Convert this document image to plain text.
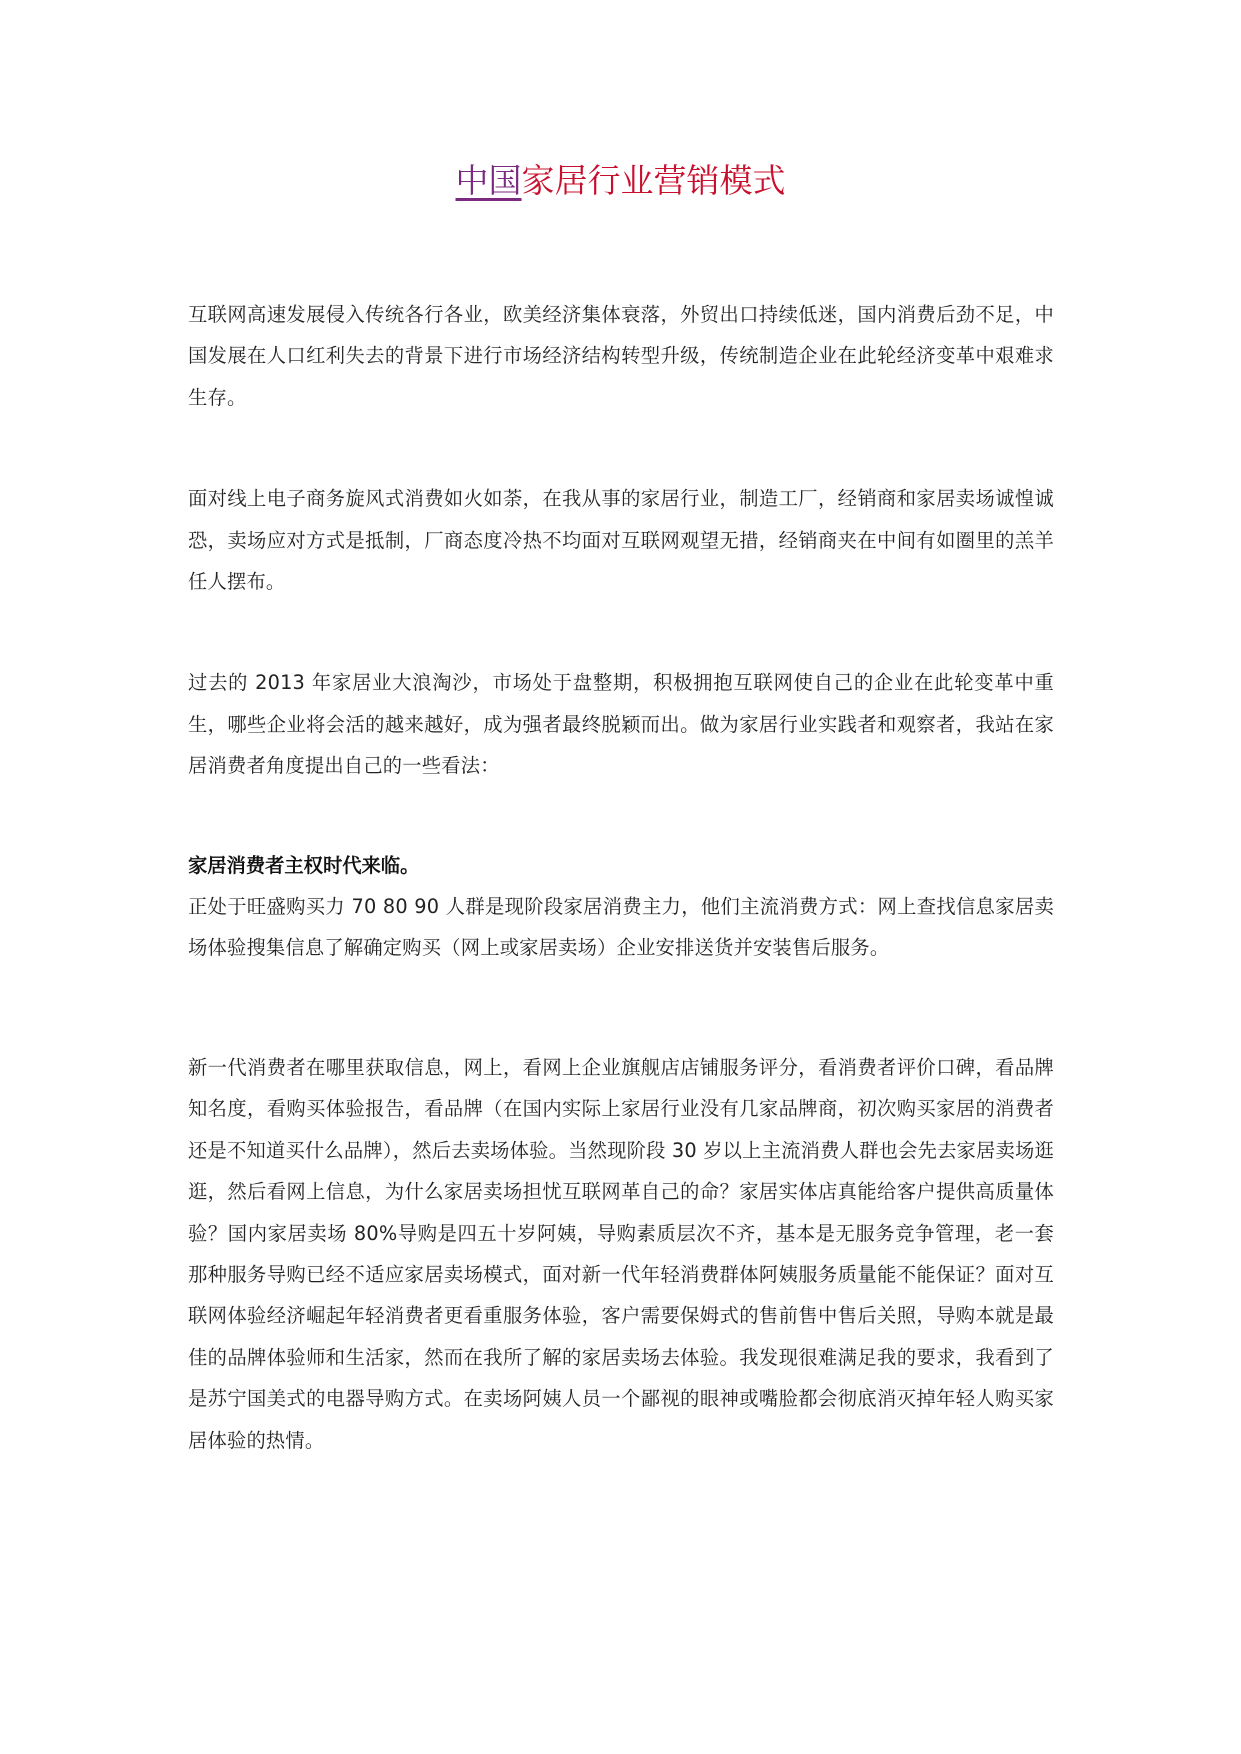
中国家居行业营销模式

互联网高速发展侵入传统各行各业，欧美经济集体衰落，外贸出口持续低迷，国内消费后劲不足，中国发展在人口红利失去的背景下进行市场经济结构转型升级，传统制造企业在此轮经济变革中艰难求生存。

面对线上电子商务旋风式消费如火如荼，在我从事的家居行业，制造工厂，经销商和家居卖场诚惶诚恐，卖场应对方式是抵制，厂商态度冷热不均面对互联网观望无措，经销商夹在中间有如圈里的羔羊任人摆布。

过去的 2013 年家居业大浪淘沙，市场处于盘整期，积极拥抱互联网使自己的企业在此轮变革中重生，哪些企业将会活的越来越好，成为强者最终脱颖而出。做为家居行业实践者和观察者，我站在家居消费者角度提出自己的一些看法：

家居消费者主权时代来临。

正处于旺盛购买力 70 80 90 人群是现阶段家居消费主力，他们主流消费方式：网上查找信息家居卖场体验搜集信息了解确定购买（网上或家居卖场）企业安排送货并安装售后服务。

新一代消费者在哪里获取信息，网上，看网上企业旗舰店店铺服务评分，看消费者评价口碑，看品牌知名度，看购买体验报告，看品牌（在国内实际上家居行业没有几家品牌商，初次购买家居的消费者还是不知道买什么品牌），然后去卖场体验。当然现阶段 30 岁以上主流消费人群也会先去家居卖场逛逛，然后看网上信息，为什么家居卖场担忧互联网革自己的命？家居实体店真能给客户提供高质量体验？国内家居卖场 80%导购是四五十岁阿姨，导购素质层次不齐，基本是无服务竞争管理，老一套那种服务导购已经不适应家居卖场模式，面对新一代年轻消费群体阿姨服务质量能不能保证？面对互联网体验经济崛起年轻消费者更看重服务体验，客户需要保姆式的售前售中售后关照，导购本就是最佳的品牌体验师和生活家，然而在我所了解的家居卖场去体验。我发现很难满足我的要求，我看到了是苏宁国美式的电器导购方式。在卖场阿姨人员一个鄙视的眼神或嘴脸都会彻底消灭掉年轻人购买家居体验的热情。
